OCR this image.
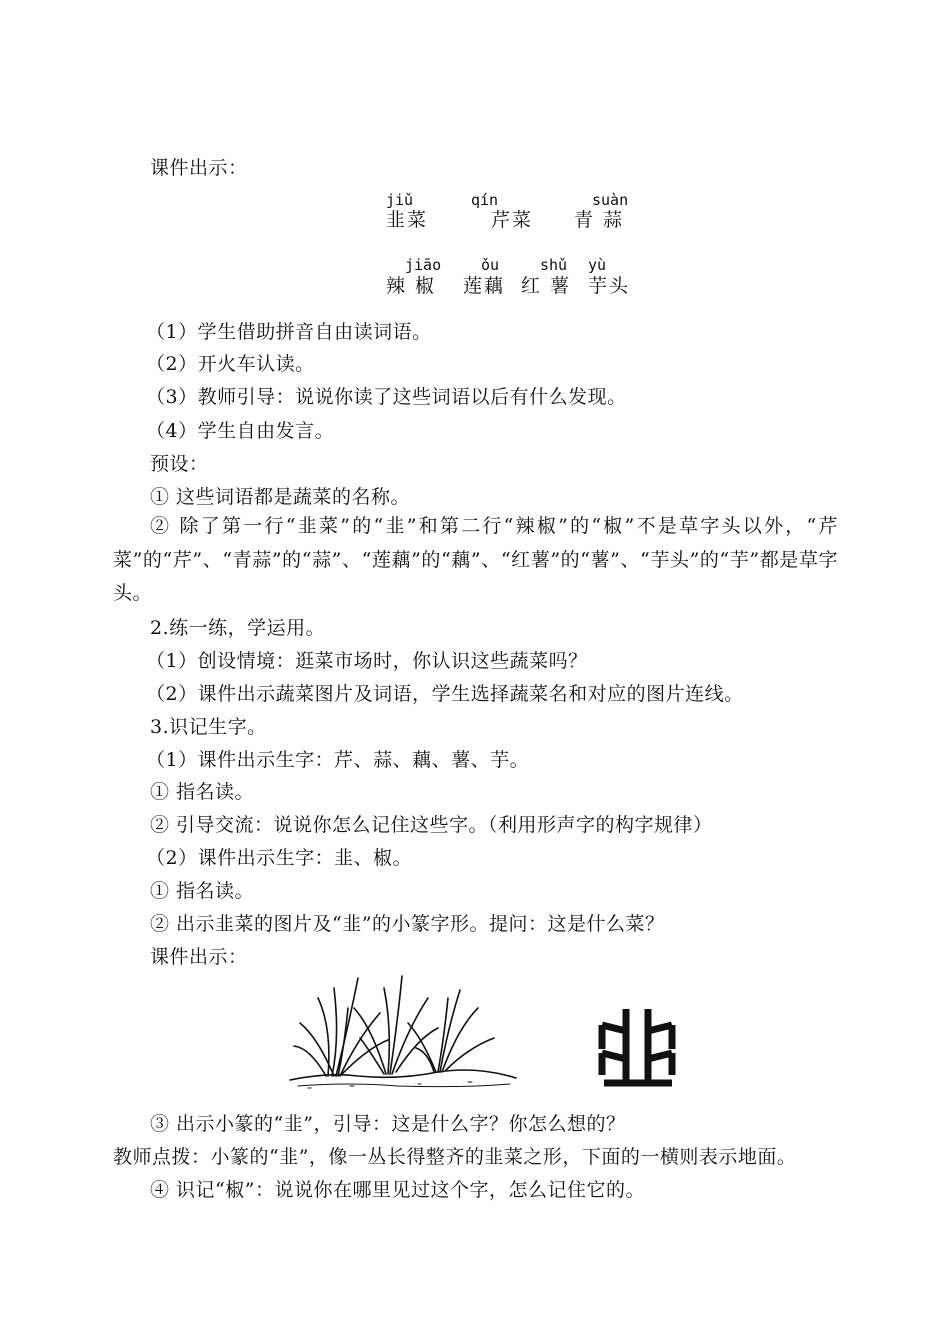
课件出示：
jiǔ	qín	suàn
韭菜	芹菜 青 蒜
jiāo	ǒu	shǔ yù
辣 椒 莲藕 红 薯 芋头
（1）学生借助拼音自由读词语。
（2）开火车认读。
（3）教师引导：说说你读了这些词语以后有什么发现。
（4）学生自由发言。
预设：
① 这些词语都是蔬菜的名称。
② 除了第一行“韭菜”的“韭”和第二行“辣椒”的“椒”不是草字头以外，“芹菜”的“芹”、“青蒜”的“蒜”、“莲藕”的“藕”、“红薯”的“薯”、“芋头”的“芋”都是草字头。
2.练一练，学运用。
（1）创设情境：逛菜市场时，你认识这些蔬菜吗？
（2）课件出示蔬菜图片及词语，学生选择蔬菜名和对应的图片连线。
3.识记生字。
（1）课件出示生字：芹、蒜、藕、薯、芋。
① 指名读。
② 引导交流：说说你怎么记住这些字。（利用形声字的构字规律）
（2）课件出示生字：韭、椒。
① 指名读。
② 出示韭菜的图片及“韭”的小篆字形。提问：这是什么菜？
课件出示：
③ 出示小篆的“韭”，引导：这是什么字？你怎么想的？
教师点拨：小篆的“韭”，像一丛长得整齐的韭菜之形，下面的一横则表示地面。
④ 识记“椒”：说说你在哪里见过这个字，怎么记住它的。
